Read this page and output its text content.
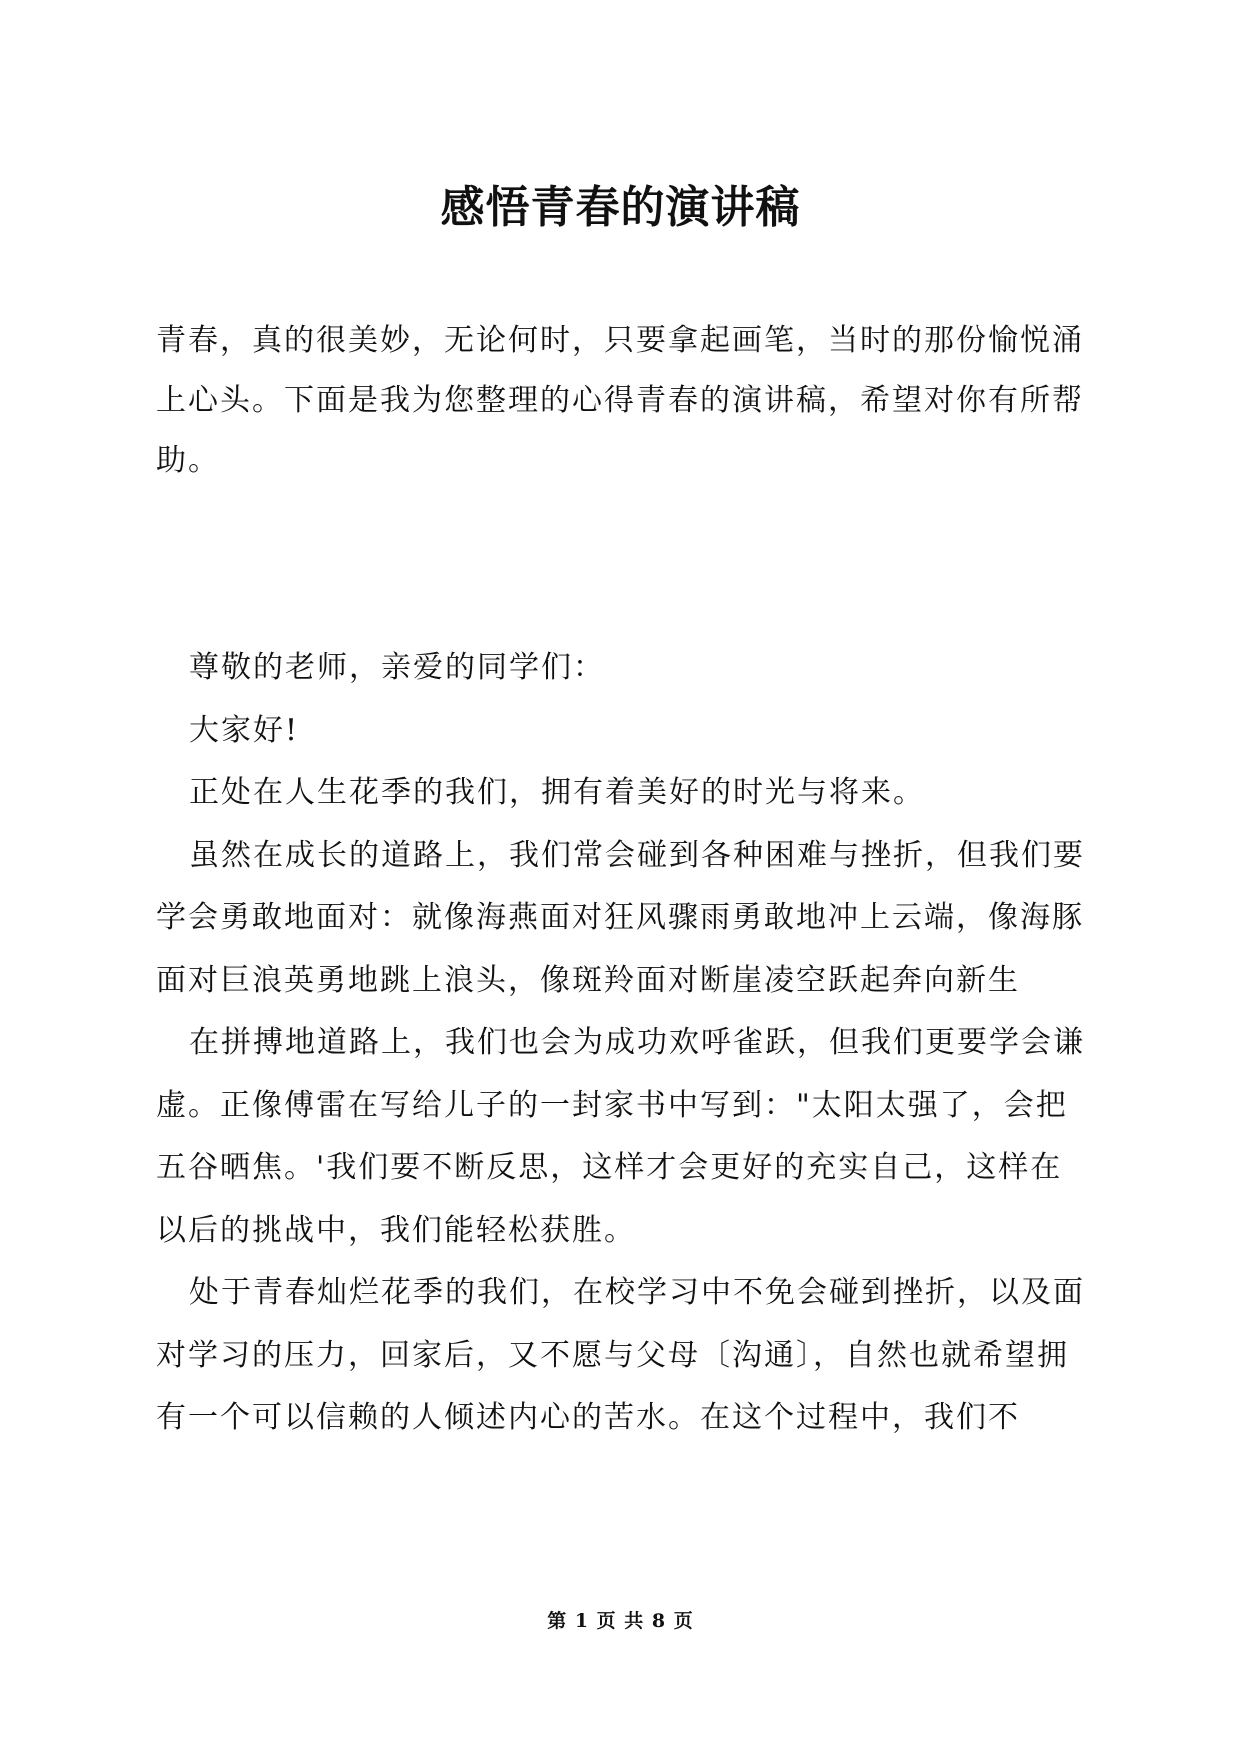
感悟青春的演讲稿

青春，真的很美妙，无论何时，只要拿起画笔，当时的那份愉悦涌上心头。下面是我为您整理的心得青春的演讲稿，希望对你有所帮助。

尊敬的老师，亲爱的同学们：

大家好!

正处在人生花季的我们，拥有着美好的时光与将来。

虽然在成长的道路上，我们常会碰到各种困难与挫折，但我们要学会勇敢地面对：就像海燕面对狂风骤雨勇敢地冲上云端，像海豚面对巨浪英勇地跳上浪头，像斑羚面对断崖凌空跃起奔向新生

在拼搏地道路上，我们也会为成功欢呼雀跃，但我们更要学会谦虚。正像傅雷在写给儿子的一封家书中写到："太阳太强了，会把五谷晒焦。'我们要不断反思，这样才会更好的充实自己，这样在以后的挑战中，我们能轻松获胜。

处于青春灿烂花季的我们，在校学习中不免会碰到挫折，以及面对学习的压力，回家后，又不愿与父母〔沟通〕，自然也就希望拥有一个可以信赖的人倾述内心的苦水。在这个过程中，我们不

第 1 页 共 8 页
